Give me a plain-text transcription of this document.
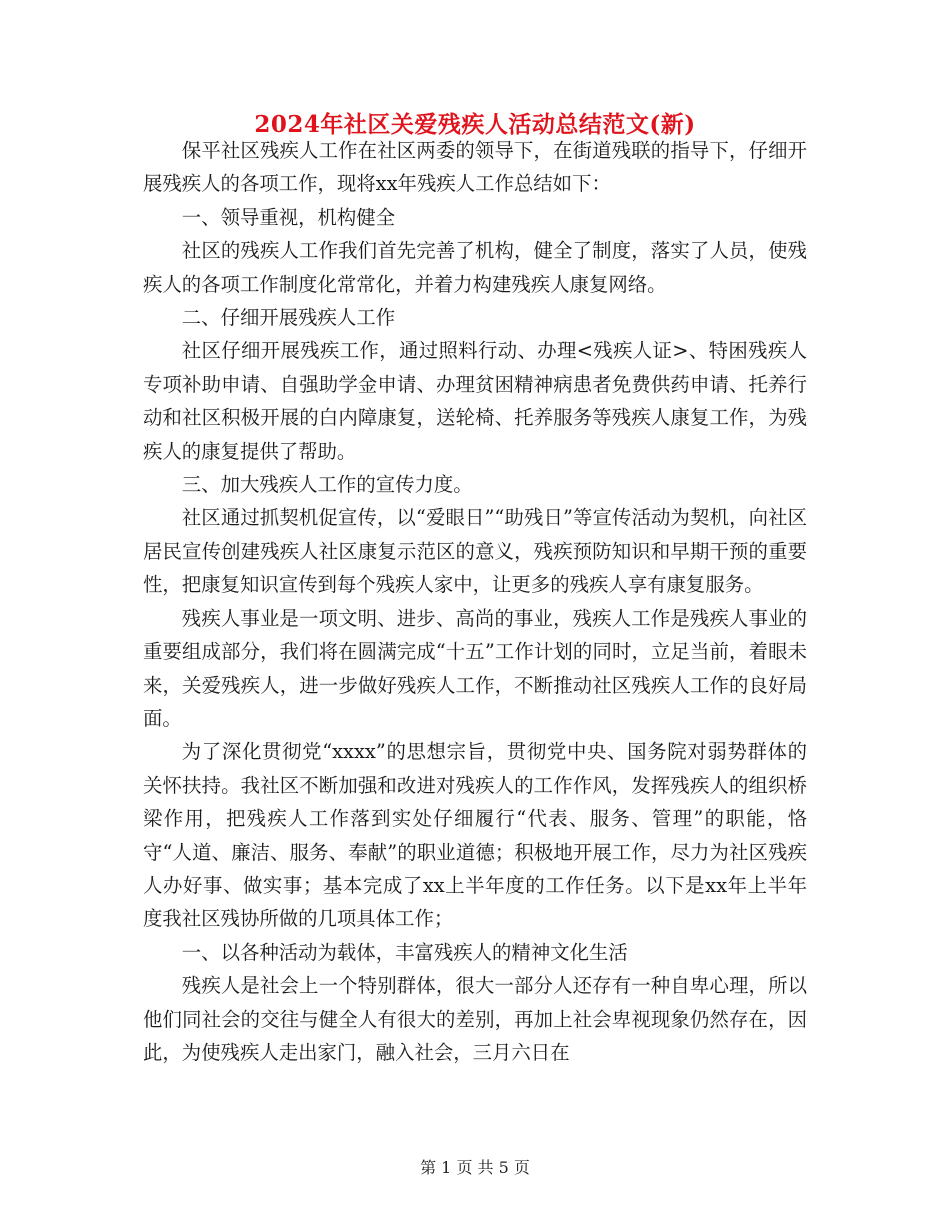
2024年社区关爱残疾人活动总结范文(新)

保平社区残疾人工作在社区两委的领导下，在街道残联的指导下，仔细开展残疾人的各项工作，现将xx年残疾人工作总结如下：

一、领导重视，机构健全

社区的残疾人工作我们首先完善了机构，健全了制度，落实了人员，使残疾人的各项工作制度化常常化，并着力构建残疾人康复网络。

二、仔细开展残疾人工作

社区仔细开展残疾工作，通过照料行动、办理<残疾人证>、特困残疾人专项补助申请、自强助学金申请、办理贫困精神病患者免费供药申请、托养行动和社区积极开展的白内障康复，送轮椅、托养服务等残疾人康复工作，为残疾人的康复提供了帮助。

三、加大残疾人工作的宣传力度。

社区通过抓契机促宣传，以“爱眼日”“助残日”等宣传活动为契机，向社区居民宣传创建残疾人社区康复示范区的意义，残疾预防知识和早期干预的重要性，把康复知识宣传到每个残疾人家中，让更多的残疾人享有康复服务。

残疾人事业是一项文明、进步、高尚的事业，残疾人工作是残疾人事业的重要组成部分，我们将在圆满完成“十五”工作计划的同时，立足当前，着眼未来，关爱残疾人，进一步做好残疾人工作，不断推动社区残疾人工作的良好局面。

为了深化贯彻党“xxxx”的思想宗旨，贯彻党中央、国务院对弱势群体的关怀扶持。我社区不断加强和改进对残疾人的工作作风，发挥残疾人的组织桥梁作用，把残疾人工作落到实处仔细履行“代表、服务、管理”的职能，恪守“人道、廉洁、服务、奉献”的职业道德；积极地开展工作，尽力为社区残疾人办好事、做实事；基本完成了xx上半年度的工作任务。以下是xx年上半年度我社区残协所做的几项具体工作；

一、以各种活动为载体，丰富残疾人的精神文化生活

残疾人是社会上一个特别群体，很大一部分人还存有一种自卑心理，所以他们同社会的交往与健全人有很大的差别，再加上社会卑视现象仍然存在，因此，为使残疾人走出家门，融入社会，三月六日在

第 1 页 共 5 页
